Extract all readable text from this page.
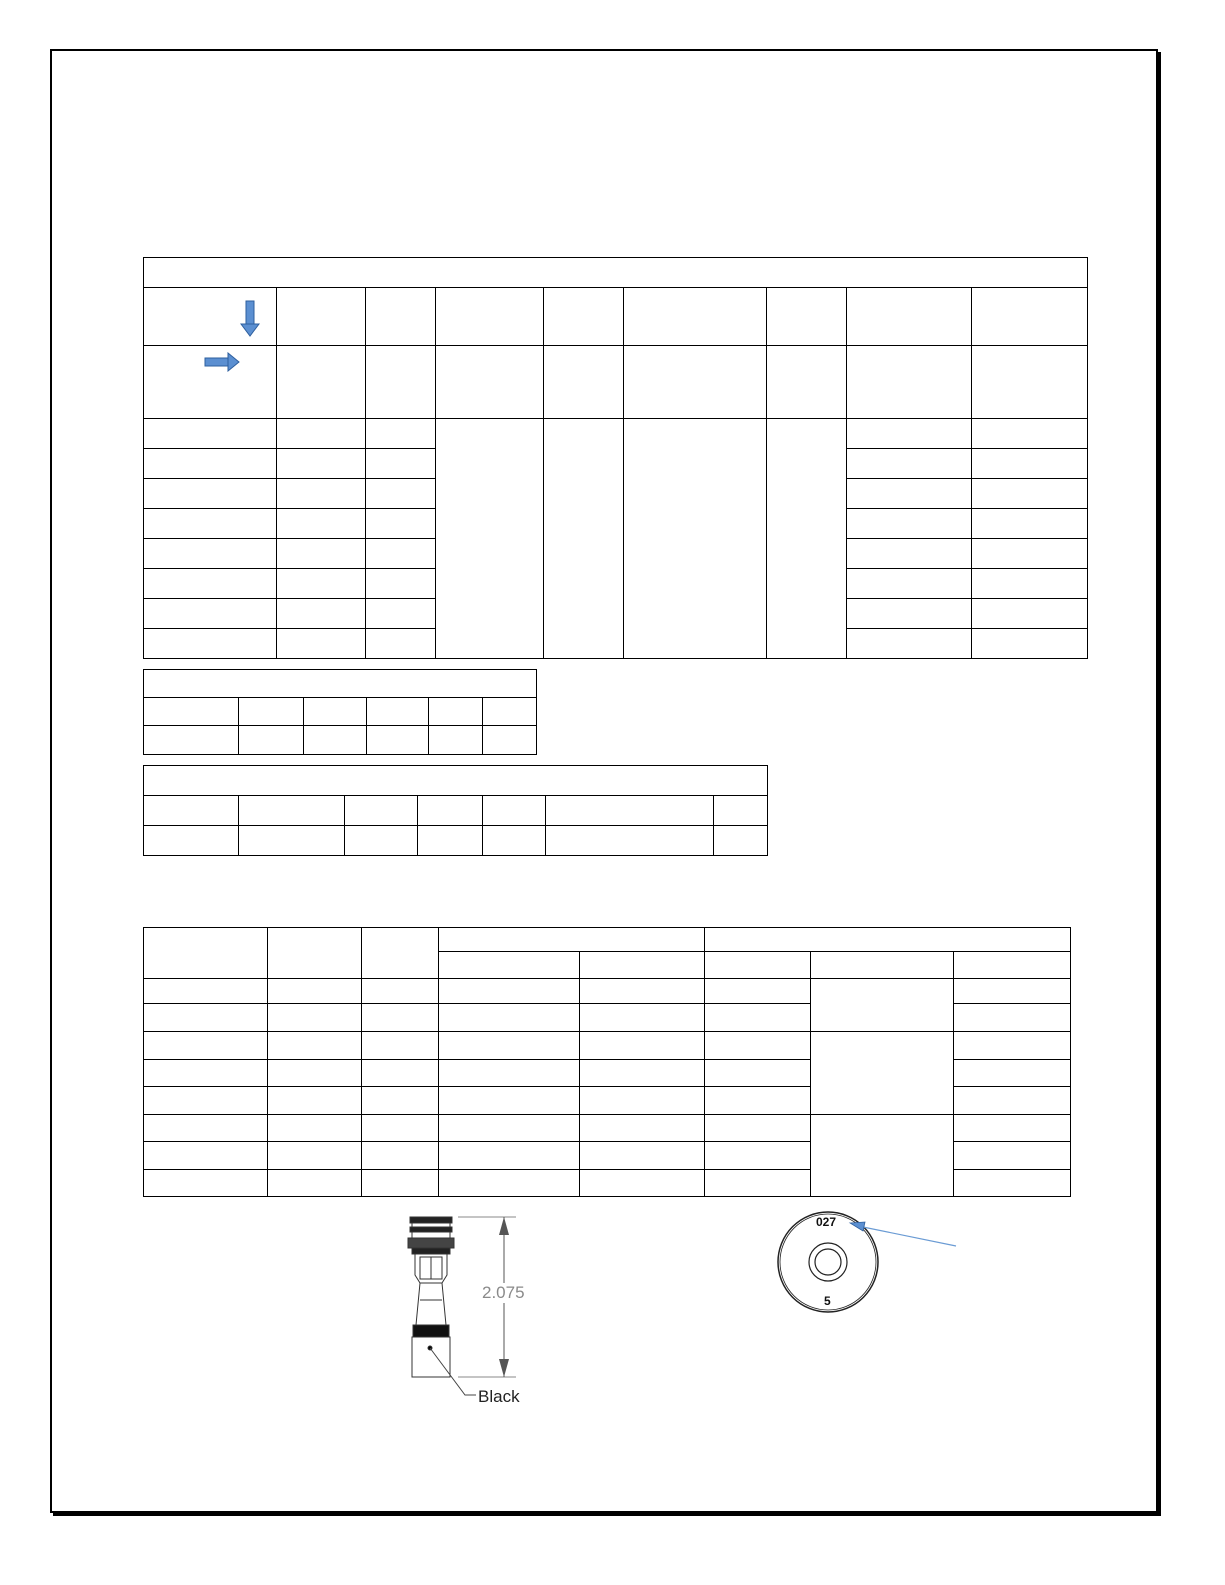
2.075
Black
027
5
